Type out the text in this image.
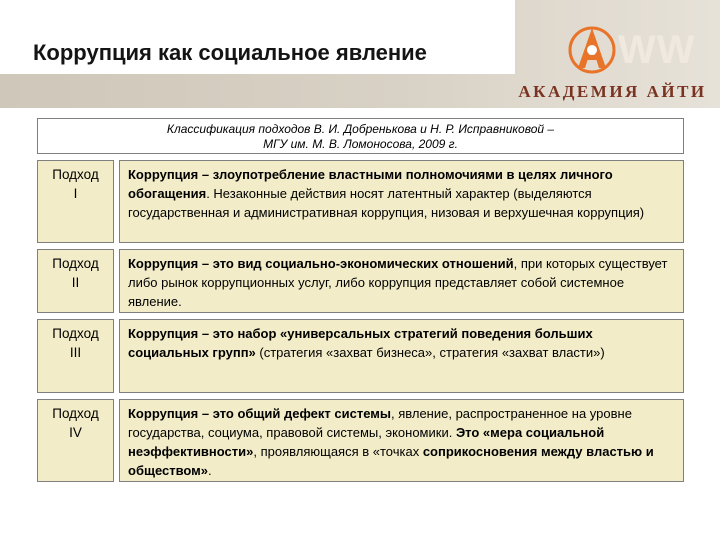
Коррупция как социальное явление	WW
АКАДЕМИЯ АЙТИ
Классификация подходов В. И. Добренькова и Н. Р. Исправниковой –
МГУ им. М. В. Ломоносова, 2009 г.
Подход
I
Коррупция – злоупотребление властными полномочиями в целях личного обогащения. Незаконные действия носят латентный характер (выделяются государственная и административная коррупция, низовая и верхушечная коррупция)
Подход
II
Коррупция – это вид социально-экономических отношений, при которых существует либо рынок коррупционных услуг, либо коррупция представляет собой системное явление.
Подход
III
Коррупция – это набор «универсальных стратегий поведения больших социальных групп» (стратегия «захват бизнеса», стратегия «захват власти»)
Подход
IV
Коррупция – это общий дефект системы, явление, распространенное на уровне государства, социума, правовой системы, экономики. Это «мера социальной неэффективности», проявляющаяся в «точках соприкосновения между властью и обществом».
